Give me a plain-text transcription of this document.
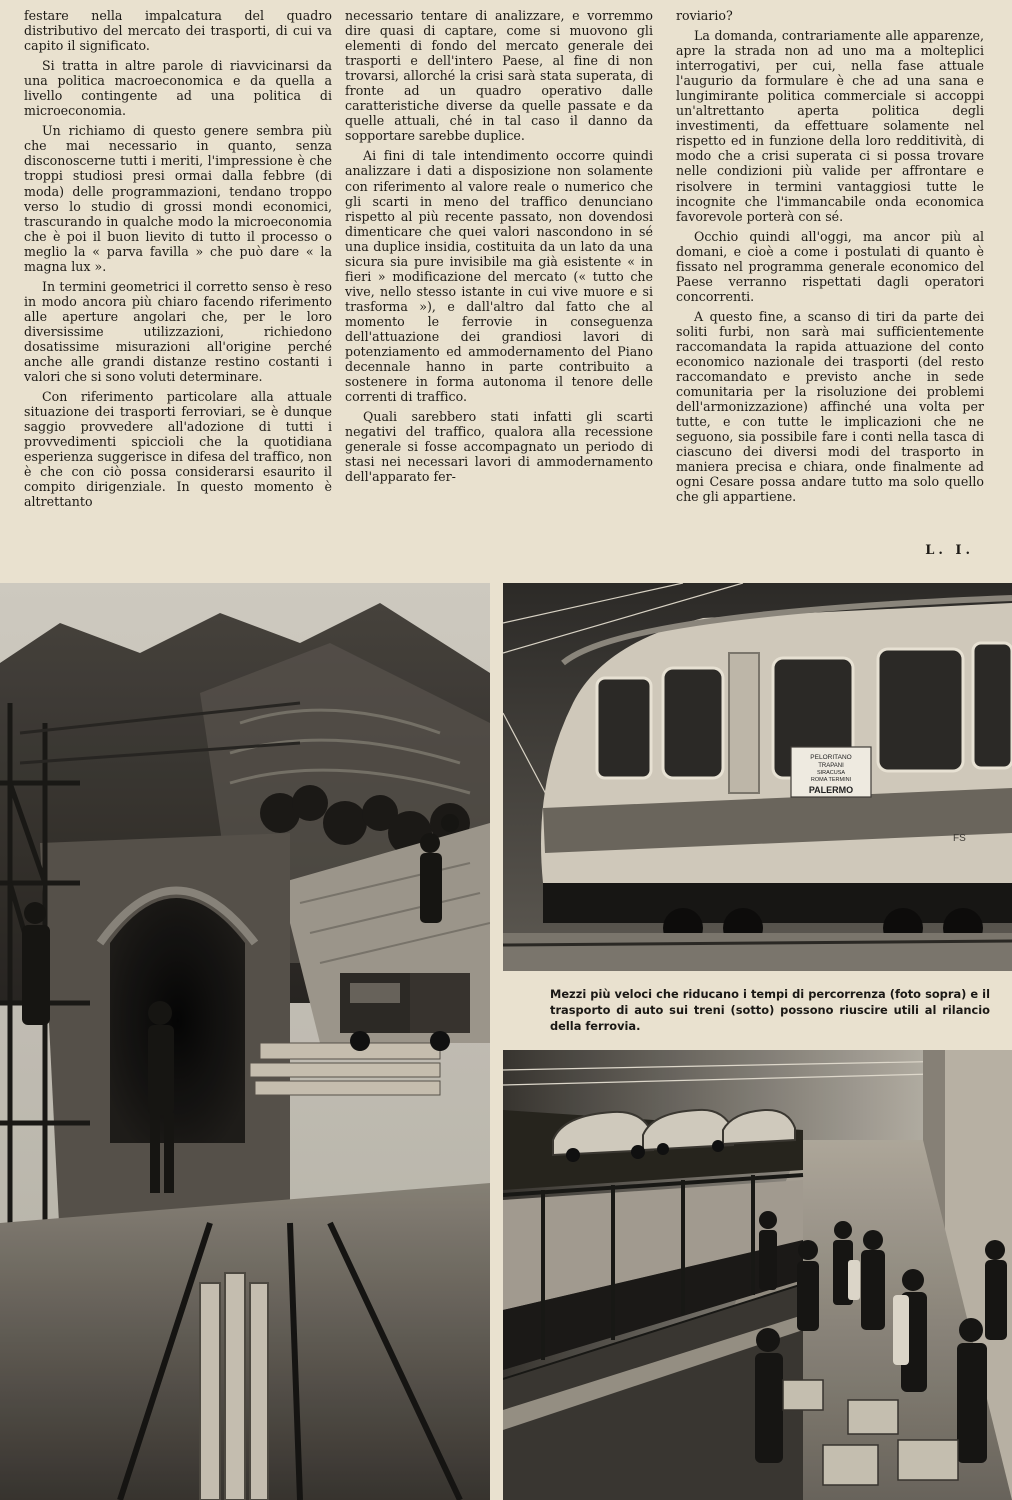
festare nella impalcatura del quadro distributivo del mercato dei trasporti, di cui va capito il significato.

Si tratta in altre parole di riavvicinarsi da una politica macroeconomica e da quella a livello contingente ad una politica di microeconomia.

Un richiamo di questo genere sembra più che mai necessario in quanto, senza disconoscerne tutti i meriti, l'impressione è che troppi studiosi presi ormai dalla febbre (di moda) delle programmazioni, tendano troppo verso lo studio di grossi mondi economici, trascurando in qualche modo la microeconomia che è poi il buon lievito di tutto il processo o meglio la « parva favilla » che può dare « la magna lux ».

In termini geometrici il corretto senso è reso in modo ancora più chiaro facendo riferimento alle aperture angolari che, per le loro diversissime utilizzazioni, richiedono dosatissime misurazioni all'origine perché anche alle grandi distanze restino costanti i valori che si sono voluti determinare.

Con riferimento particolare alla attuale situazione dei trasporti ferroviari, se è dunque saggio provvedere all'adozione di tutti i provvedimenti spiccioli che la quotidiana esperienza suggerisce in difesa del traffico, non è che con ciò possa considerarsi esaurito il compito dirigenziale. In questo momento è altrettanto

necessario tentare di analizzare, e vorremmo dire quasi di captare, come si muovono gli elementi di fondo del mercato generale dei trasporti e dell'intero Paese, al fine di non trovarsi, allorché la crisi sarà stata superata, di fronte ad un quadro operativo dalle caratteristiche diverse da quelle passate e da quelle attuali, ché in tal caso il danno da sopportare sarebbe duplice.

Ai fini di tale intendimento occorre quindi analizzare i dati a disposizione non solamente con riferimento al valore reale o numerico che gli scarti in meno del traffico denunciano rispetto al più recente passato, non dovendosi dimenticare che quei valori nascondono in sé una duplice insidia, costituita da un lato da una sicura sia pure invisibile ma già esistente « in fieri » modificazione del mercato (« tutto che vive, nello stesso istante in cui vive muore e si trasforma »), e dall'altro dal fatto che al momento le ferrovie in conseguenza dell'attuazione dei grandiosi lavori di potenziamento ed ammodernamento del Piano decennale hanno in parte contribuito a sostenere in forma autonoma il tenore delle correnti di traffico.

Quali sarebbero stati infatti gli scarti negativi del traffico, qualora alla recessione generale si fosse accompagnato un periodo di stasi nei necessari lavori di ammodernamento dell'apparato fer-

roviario?

La domanda, contrariamente alle apparenze, apre la strada non ad uno ma a molteplici interrogativi, per cui, nella fase attuale l'augurio da formulare è che ad una sana e lungimirante politica commerciale si accoppi un'altrettanto aperta politica degli investimenti, da effettuare solamente nel rispetto ed in funzione della loro redditività, di modo che a crisi superata ci si possa trovare nelle condizioni più valide per affrontare e risolvere in termini vantaggiosi tutte le incognite che l'immancabile onda economica favorevole porterà con sé.

Occhio quindi all'oggi, ma ancor più al domani, e cioè a come i postulati di quanto è fissato nel programma generale economico del Paese verranno rispettati dagli operatori concorrenti.

A questo fine, a scanso di tiri da parte dei soliti furbi, non sarà mai sufficientemente raccomandata la rapida attuazione del conto economico nazionale dei trasporti (del resto raccomandato e previsto anche in sede comunitaria per la risoluzione dei problemi dell'armonizzazione) affinché una volta per tutte, e con tutte le implicazioni che ne seguono, sia possibile fare i conti nella tasca di ciascuno dei diversi modi del trasporto in maniera precisa e chiara, onde finalmente ad ogni Cesare possa andare tutto ma solo quello che gli appartiene.

L. I.
PELORITANO
TRAPANI
SIRACUSA
ROMA TERMINI
PALERMO
FS
Mezzi più veloci che riducano i tempi di percorrenza (foto sopra) e il trasporto di auto sui treni (sotto) possono riuscire utili al rilancio della ferrovia.
